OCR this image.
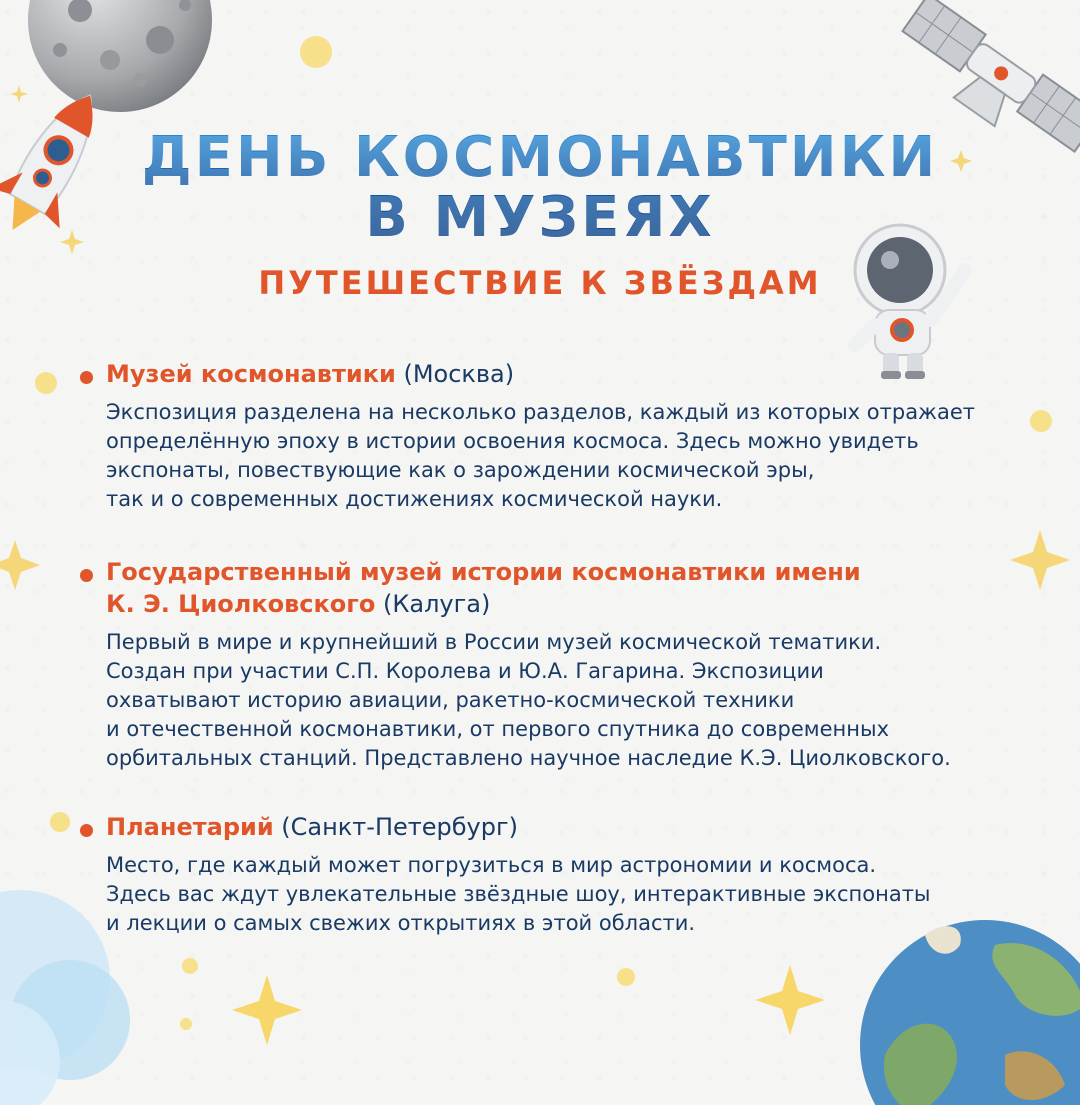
ДЕНЬ КОСМОНАВТИКИ
В МУЗЕЯХ
ПУТЕШЕСТВИЕ К ЗВЁЗДАМ
Музей космонавтики (Москва)
Экспозиция разделена на несколько разделов, каждый из которых отражает
определённую эпоху в истории освоения космоса. Здесь можно увидеть
экспонаты, повествующие как о зарождении космической эры,
так и о современных достижениях космической науки.
Государственный музей истории космонавтики имени
К. Э. Циолковского (Калуга)
Первый в мире и крупнейший в России музей космической тематики.
Создан при участии С.П. Королева и Ю.А. Гагарина. Экспозиции
охватывают историю авиации, ракетно-космической техники
и отечественной космонавтики, от первого спутника до современных
орбитальных станций. Представлено научное наследие К.Э. Циолковского.
Планетарий (Санкт-Петербург)
Место, где каждый может погрузиться в мир астрономии и космоса.
Здесь вас ждут увлекательные звёздные шоу, интерактивные экспонаты
и лекции о самых свежих открытиях в этой области.
